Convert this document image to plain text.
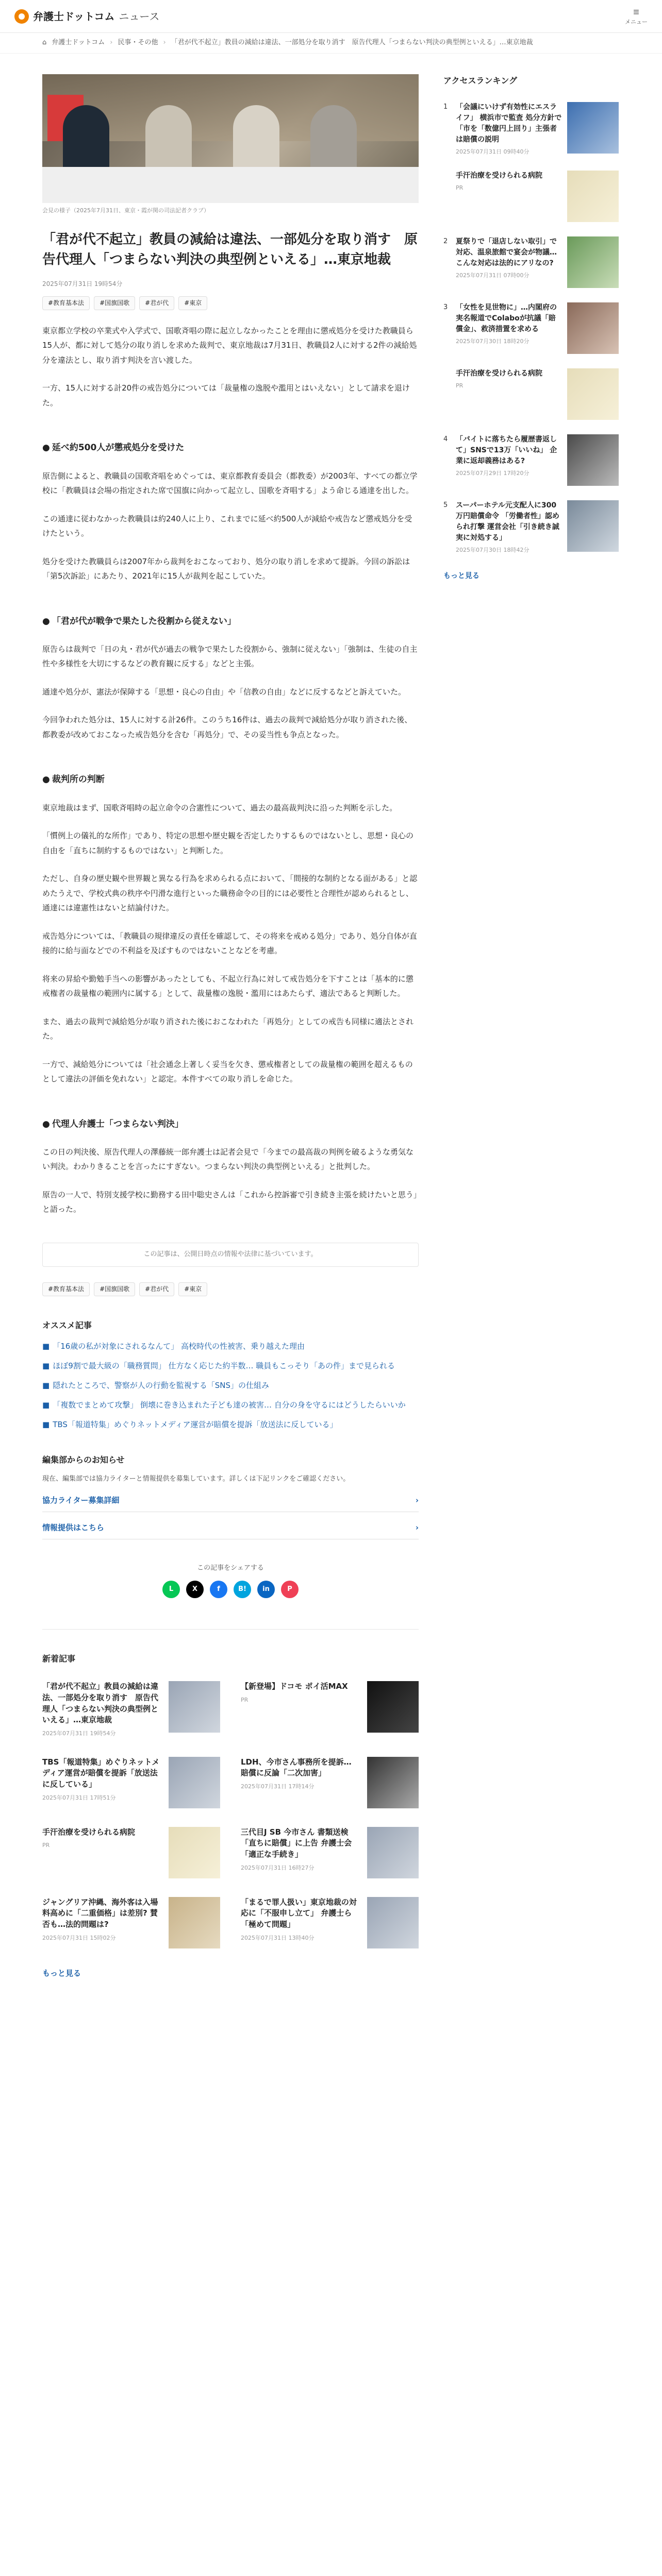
弁護士ドットコム ニュース	≡
メニュー
⌂ 弁護士ドットコム › 民事・その他 › 「君が代不起立」教員の減給は違法、一部処分を取り消す　原告代理人「つまらない判決の典型例といえる」…東京地裁

会見の様子（2025年7月31日、東京・霞が関の司法記者クラブ）

「君が代不起立」教員の減給は違法、一部処分を取り消す　原告代理人「つまらない判決の典型例といえる」…東京地裁

2025年07月31日 19時54分

#教育基本法	#国旗国歌	#君が代	#東京

東京都立学校の卒業式や入学式で、国歌斉唱の際に起立しなかったことを理由に懲戒処分を受けた教職員ら15人が、都に対して処分の取り消しを求めた裁判で、東京地裁は7月31日、教職員2人に対する2件の減給処分を違法とし、取り消す判決を言い渡した。

一方、15人に対する計20件の戒告処分については「裁量権の逸脱や濫用とはいえない」として請求を退けた。

● 延べ約500人が懲戒処分を受けた

原告側によると、教職員の国歌斉唱をめぐっては、東京都教育委員会（都教委）が2003年、すべての都立学校に「教職員は会場の指定された席で国旗に向かって起立し、国歌を斉唱する」よう命じる通達を出した。

この通達に従わなかった教職員は約240人に上り、これまでに延べ約500人が減給や戒告など懲戒処分を受けたという。

処分を受けた教職員らは2007年から裁判をおこなっており、処分の取り消しを求めて提訴。今回の訴訟は「第5次訴訟」にあたり、2021年に15人が裁判を起こしていた。

● 「君が代が戦争で果たした役割から従えない」

原告らは裁判で「日の丸・君が代が過去の戦争で果たした役割から、強制に従えない」「強制は、生徒の自主性や多様性を大切にするなどの教育観に反する」などと主張。

通達や処分が、憲法が保障する「思想・良心の自由」や「信教の自由」などに反するなどと訴えていた。

今回争われた処分は、15人に対する計26件。このうち16件は、過去の裁判で減給処分が取り消された後、都教委が改めておこなった戒告処分を含む「再処分」で、その妥当性も争点となった。

● 裁判所の判断

東京地裁はまず、国歌斉唱時の起立命令の合憲性について、過去の最高裁判決に沿った判断を示した。

「慣例上の儀礼的な所作」であり、特定の思想や歴史観を否定したりするものではないとし、思想・良心の自由を「直ちに制約するものではない」と判断した。

ただし、自身の歴史観や世界観と異なる行為を求められる点において、「間接的な制約となる面がある」と認めたうえで、学校式典の秩序や円滑な進行といった職務命令の目的には必要性と合理性が認められるとし、通達には違憲性はないと結論付けた。

戒告処分については、「教職員の規律違反の責任を確認して、その将来を戒める処分」であり、処分自体が直接的に給与面などでの不利益を及ぼすものではないことなどを考慮。

将来の昇給や勤勉手当への影響があったとしても、不起立行為に対して戒告処分を下すことは「基本的に懲戒権者の裁量権の範囲内に属する」として、裁量権の逸脱・濫用にはあたらず、適法であると判断した。

また、過去の裁判で減給処分が取り消された後におこなわれた「再処分」としての戒告も同様に適法とされた。

一方で、減給処分については「社会通念上著しく妥当を欠き、懲戒権者としての裁量権の範囲を超えるものとして違法の評価を免れない」と認定。本件すべての取り消しを命じた。

● 代理人弁護士「つまらない判決」

この日の判決後、原告代理人の澤藤統一郎弁護士は記者会見で「今までの最高裁の判例を破るような勇気ない判決。わかりきることを言ったにすぎない。つまらない判決の典型例といえる」と批判した。

原告の一人で、特別支援学校に勤務する田中聡史さんは「これから控訴審で引き続き主張を続けたいと思う」と語った。

この記事は、公開日時点の情報や法律に基づいています。

#教育基本法	#国旗国歌	#君が代	#東京
オススメ記事
■ 「16歳の私が対象にされるなんて」 高校時代の性被害、乗り越えた理由
■ ほぼ9割で最大級の「職務質問」 仕方なく応じた約半数… 職員もこっそり「あの件」まで見られる
■ 隠れたところで、警察が人の行動を監視する「SNS」の仕組み
■ 「複数でまとめて攻撃」 倒壊に巻き込まれた子ども達の被害… 自分の身を守るにはどうしたらいいか
■ TBS「報道特集」めぐりネットメディア運営が賠償を提訴「放送法に反している」
編集部からのお知らせ

現在、編集部では協力ライターと情報提供を募集しています。詳しくは下記リンクをご確認ください。

協力ライター募集詳細	›
情報提供はこちら	›

この記事をシェアする

L	X	f	B!	in	P
新着記事

「君が代不起立」教員の減給は違法、一部処分を取り消す　原告代理人「つまらない判決の典型例といえる」…東京地裁

2025年07月31日 19時54分

【新登場】ドコモ ポイ活MAX

PR

TBS「報道特集」めぐりネットメディア運営が賠償を提訴「放送法に反している」

2025年07月31日 17時51分

LDH、今市さん事務所を提訴… 賠償に反論「二次加害」

2025年07月31日 17時14分

手汗治療を受けられる病院

PR

三代目J SB 今市さん 書類送検「直ちに賠償」に上告 弁護士会「適正な手続き」

2025年07月31日 16時27分

ジャングリア沖縄、海外客は入場料高めに「二重価格」は差別? 賛否も…法的問題は?

2025年07月31日 15時02分

「まるで罪人扱い」東京地裁の対応に「不服申し立て」 弁護士ら「極めて問題」

2025年07月31日 13時40分

もっと見る
アクセスランキング
1	「会議にいけず有効性にエスライフ」 横浜市で監査 処分方針で「市を「数億円上回り」主張者は賠償の説明

2025年07月31日 09時40分

手汗治療を受けられる病院

PR

2	夏祭りで「退店しない取引」で対応、温泉旅館で宴会が物議… こんな対応は法的にアリなの?

2025年07月31日 07時00分

3	「女性を見世物に」…内閣府の実名報道でColaboが抗議「賠償金」、救済措置を求める

2025年07月30日 18時20分

手汗治療を受けられる病院

PR

4	「バイトに落ちたら履歴書返して」SNSで13万「いいね」 企業に返却義務はある?

2025年07月29日 17時20分

5	スーパーホテル元支配人に300万円賠償命令 「労働者性」認められ打撃 運営会社「引き続き誠実に対処する」

2025年07月30日 18時42分

もっと見る
